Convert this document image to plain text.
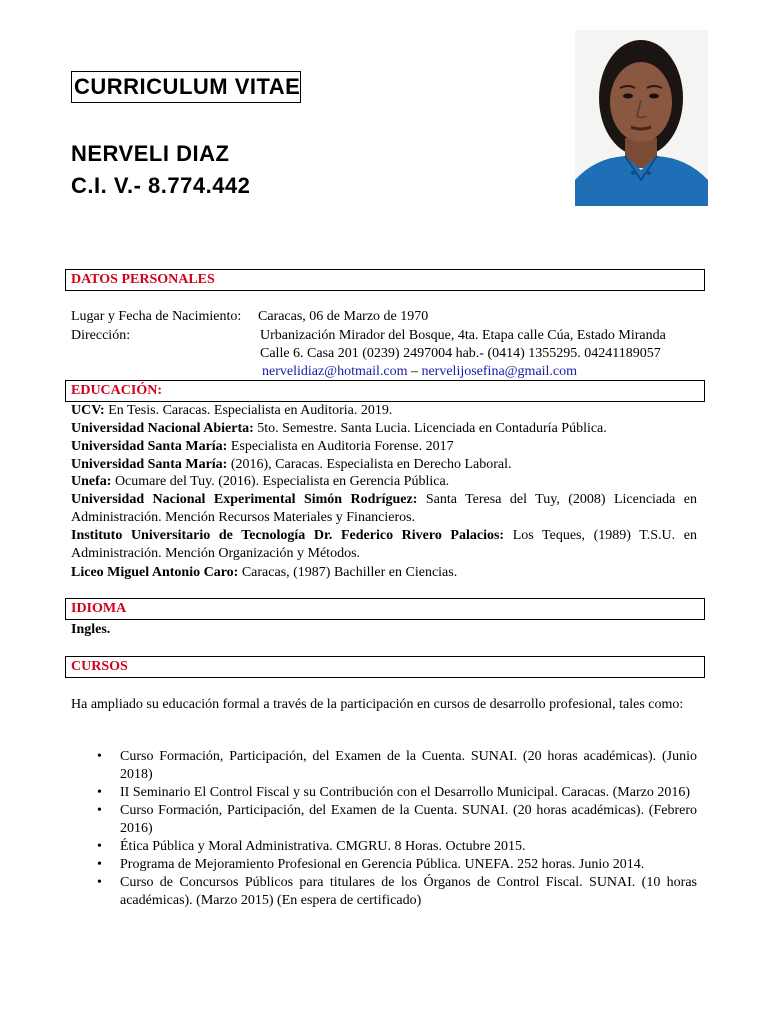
CURRICULUM VITAE
NERVELI DIAZ
C.I. V.- 8.774.442
DATOS PERSONALES
Lugar y Fecha de Nacimiento: Caracas, 06 de Marzo de 1970
Dirección:	Urbanización Mirador del Bosque, 4ta. Etapa calle Cúa, Estado Miranda
Calle 6. Casa 201 (0239) 2497004 hab.- (0414) 1355295. 04241189057
nervelidiaz@hotmail.com – nervelijosefina@gmail.com
EDUCACIÓN:
UCV: En Tesis. Caracas. Especialista en Auditoria. 2019.
Universidad Nacional Abierta: 5to. Semestre. Santa Lucia. Licenciada en Contaduría Pública.
Universidad Santa María: Especialista en Auditoria Forense. 2017
Universidad Santa María: (2016), Caracas. Especialista en Derecho Laboral.
Unefa: Ocumare del Tuy. (2016). Especialista en Gerencia Pública.
Universidad Nacional Experimental Simón Rodríguez: Santa Teresa del Tuy, (2008) Licenciada en Administración. Mención Recursos Materiales y Financieros.
Instituto Universitario de Tecnología Dr. Federico Rivero Palacios: Los Teques, (1989) T.S.U. en Administración. Mención Organización y Métodos.
Liceo Miguel Antonio Caro: Caracas, (1987) Bachiller en Ciencias.
IDIOMA
Ingles.
CURSOS
Ha ampliado su educación formal a través de la participación en cursos de desarrollo profesional, tales como:
• Curso Formación, Participación, del Examen de la Cuenta. SUNAI. (20 horas académicas). (Junio 2018)
• II Seminario El Control Fiscal y su Contribución con el Desarrollo Municipal. Caracas. (Marzo 2016)
• Curso Formación, Participación, del Examen de la Cuenta. SUNAI. (20 horas académicas). (Febrero 2016)
• Ética Pública y Moral Administrativa. CMGRU. 8 Horas. Octubre 2015.
• Programa de Mejoramiento Profesional en Gerencia Pública. UNEFA. 252 horas. Junio 2014.
• Curso de Concursos Públicos para titulares de los Órganos de Control Fiscal. SUNAI. (10 horas académicas). (Marzo 2015) (En espera de certificado)
